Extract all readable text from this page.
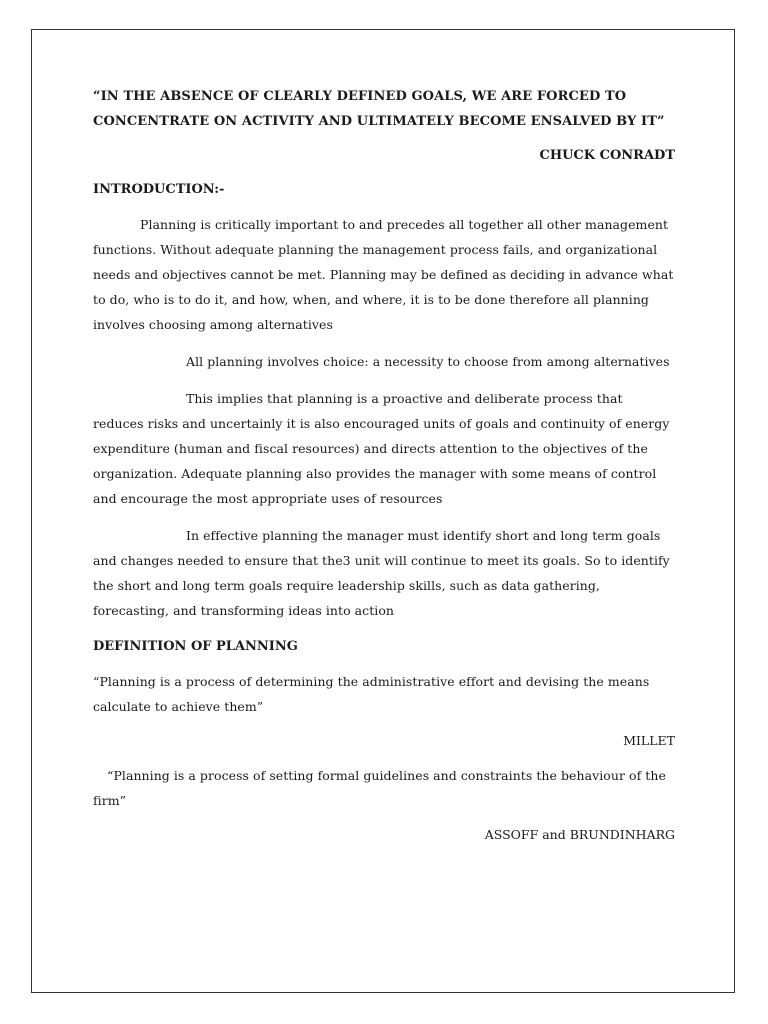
“IN THE ABSENCE OF CLEARLY DEFINED GOALS, WE ARE FORCED TO CONCENTRATE ON ACTIVITY AND ULTIMATELY BECOME ENSALVED BY IT”

CHUCK CONRADT

INTRODUCTION:-

Planning is critically important to and precedes all together all other management functions. Without adequate planning the management process fails, and organizational needs and objectives cannot be met. Planning may be defined as deciding in advance what to do, who is to do it, and how, when, and where, it is to be done therefore all planning involves choosing among alternatives

All planning involves choice: a necessity to choose from among alternatives

This implies that planning is a proactive and deliberate process that reduces risks and uncertainly it is also encouraged units of goals and continuity of energy expenditure (human and fiscal resources) and directs attention to the objectives of the organization. Adequate planning also provides the manager with some means of control and encourage the most appropriate uses of resources

In effective planning the manager must identify short and long term goals and changes needed to ensure that the3 unit will continue to meet its goals. So to identify the short and long term goals require leadership skills, such as data gathering, forecasting, and transforming ideas into action

DEFINITION OF PLANNING

“Planning is a process of determining the administrative effort and devising the means calculate to achieve them”

MILLET

“Planning is a process of setting formal guidelines and constraints the behaviour of the firm”

ASSOFF and BRUNDINHARG
